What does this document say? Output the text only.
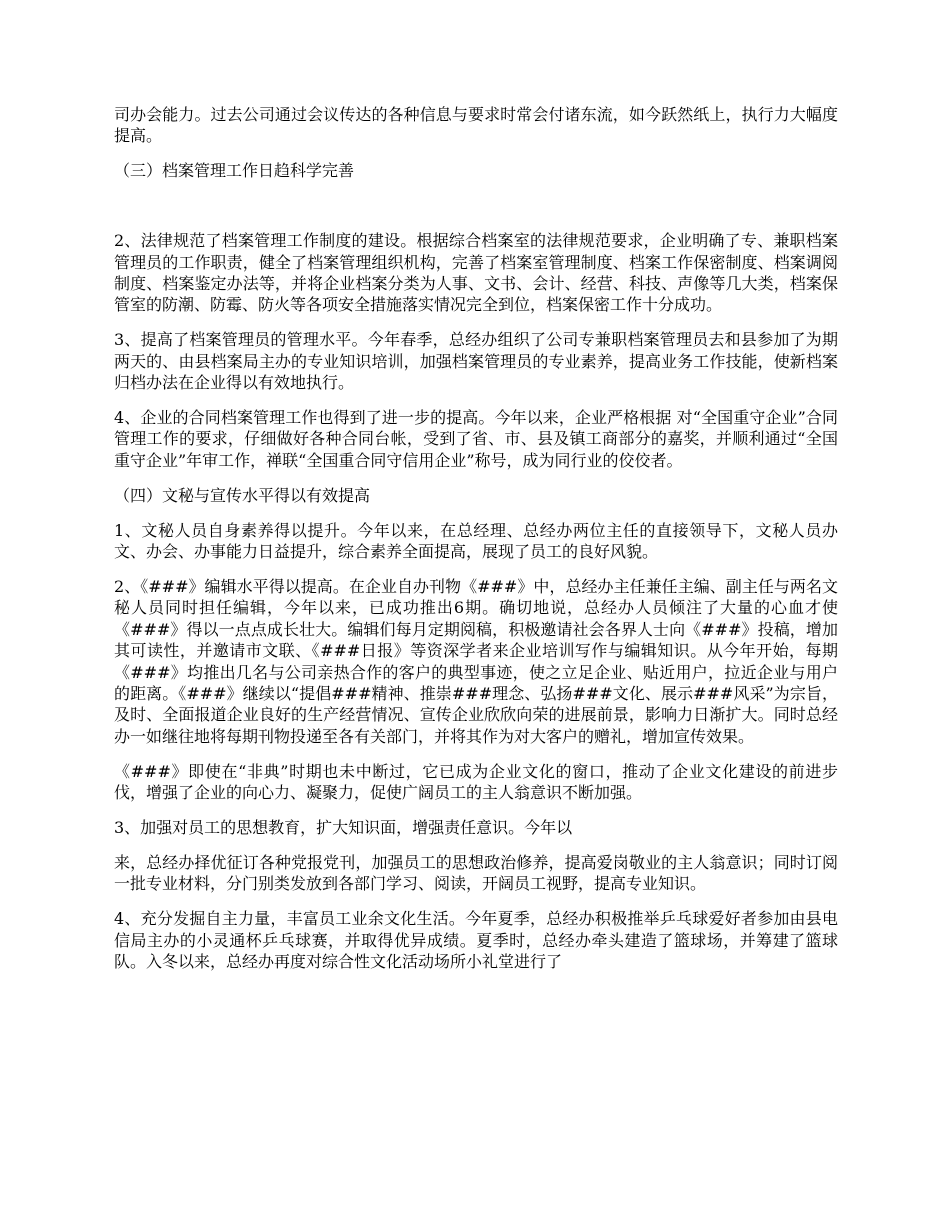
司办会能力。过去公司通过会议传达的各种信息与要求时常会付诸东流，如今跃然纸上，执行力大幅度提高。

（三）档案管理工作日趋科学完善

2、法律规范了档案管理工作制度的建设。根据综合档案室的法律规范要求，企业明确了专、兼职档案管理员的工作职责，健全了档案管理组织机构，完善了档案室管理制度、档案工作保密制度、档案调阅制度、档案鉴定办法等，并将企业档案分类为人事、文书、会计、经营、科技、声像等几大类，档案保管室的防潮、防霉、防火等各项安全措施落实情况完全到位，档案保密工作十分成功。

3、提高了档案管理员的管理水平。今年春季，总经办组织了公司专兼职档案管理员去和县参加了为期两天的、由县档案局主办的专业知识培训，加强档案管理员的专业素养，提高业务工作技能，使新档案归档办法在企业得以有效地执行。

4、企业的合同档案管理工作也得到了进一步的提高。今年以来，企业严格根据 对“全国重守企业”合同管理工作的要求，仔细做好各种合同台帐，受到了省、市、县及镇工商部分的嘉奖，并顺利通过“全国重守企业”年审工作，禅联“全国重合同守信用企业”称号，成为同行业的佼佼者。

（四）文秘与宣传水平得以有效提高

1、文秘人员自身素养得以提升。今年以来，在总经理、总经办两位主任的直接领导下，文秘人员办文、办会、办事能力日益提升，综合素养全面提高，展现了员工的良好风貌。

2、《###》编辑水平得以提高。在企业自办刊物《###》中，总经办主任兼任主编、副主任与两名文秘人员同时担任编辑，今年以来，已成功推出6期。确切地说，总经办人员倾注了大量的心血才使《###》得以一点点成长壮大。编辑们每月定期阅稿，积极邀请社会各界人士向《###》投稿，增加其可读性，并邀请市文联、《###日报》等资深学者来企业培训写作与编辑知识。从今年开始，每期《###》均推出几名与公司亲热合作的客户的典型事迹，使之立足企业、贴近用户，拉近企业与用户的距离。《###》继续以“提倡###精神、推崇###理念、弘扬###文化、展示###风采”为宗旨，及时、全面报道企业良好的生产经营情况、宣传企业欣欣向荣的进展前景，影响力日渐扩大。同时总经办一如继往地将每期刊物投递至各有关部门，并将其作为对大客户的赠礼，增加宣传效果。

《###》即使在“非典”时期也未中断过，它已成为企业文化的窗口，推动了企业文化建设的前进步伐，增强了企业的向心力、凝聚力，促使广阔员工的主人翁意识不断加强。

3、加强对员工的思想教育，扩大知识面，增强责任意识。今年以

来，总经办择优征订各种党报党刊，加强员工的思想政治修养，提高爱岗敬业的主人翁意识；同时订阅一批专业材料，分门别类发放到各部门学习、阅读，开阔员工视野，提高专业知识。

4、充分发掘自主力量，丰富员工业余文化生活。今年夏季，总经办积极推举乒乓球爱好者参加由县电信局主办的小灵通杯乒乓球赛，并取得优异成绩。夏季时，总经办牵头建造了篮球场，并筹建了篮球队。入冬以来，总经办再度对综合性文化活动场所小礼堂进行了
